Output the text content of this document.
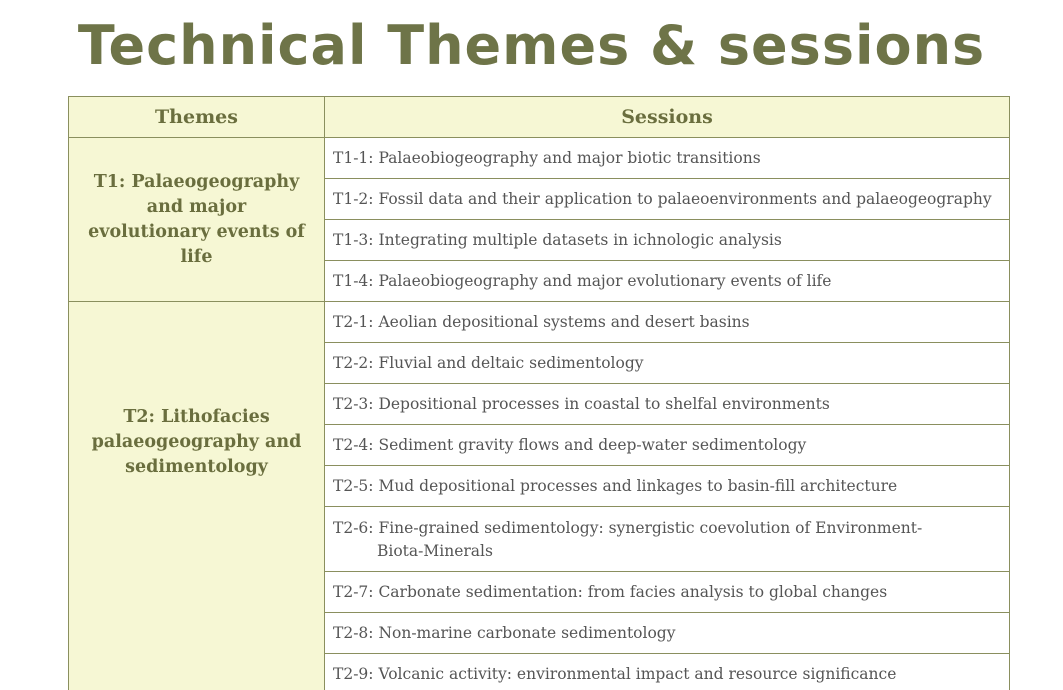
Technical Themes & sessions
Themes	Sessions
T1: Palaeogeography and major evolutionary events of life	T1-1: Palaeobiogeography and major biotic transitions
	T1-2: Fossil data and their application to palaeoenvironments and palaeogeography
	T1-3: Integrating multiple datasets in ichnologic analysis
	T1-4: Palaeobiogeography and major evolutionary events of life
T2: Lithofacies palaeogeography and sedimentology	T2-1: Aeolian depositional systems and desert basins
	T2-2: Fluvial and deltaic sedimentology
	T2-3: Depositional processes in coastal to shelfal environments
	T2-4: Sediment gravity flows and deep-water sedimentology
	T2-5: Mud depositional processes and linkages to basin-fill architecture
	T2-6: Fine-grained sedimentology: synergistic coevolution of Environment-
Biota-Minerals

	T2-7: Carbonate sedimentation: from facies analysis to global changes
	T2-8: Non-marine carbonate sedimentology
	T2-9: Volcanic activity: environmental impact and resource significance
